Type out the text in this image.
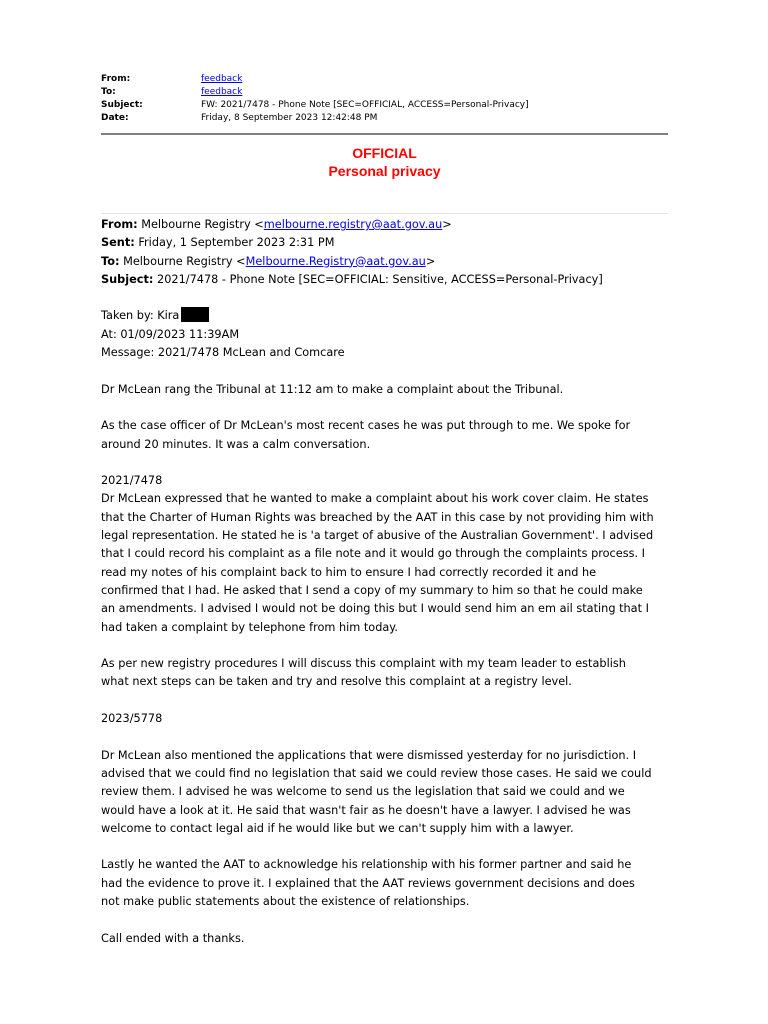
From:	feedback
To:	feedback
Subject:	FW: 2021/7478 - Phone Note [SEC=OFFICIAL, ACCESS=Personal-Privacy]
Date:	Friday, 8 September 2023 12:42:48 PM
OFFICIAL
Personal privacy

From: Melbourne Registry <melbourne.registry@aat.gov.au>

Sent: Friday, 1 September 2023 2:31 PM

To: Melbourne Registry <Melbourne.Registry@aat.gov.au>

Subject: 2021/7478 - Phone Note [SEC=OFFICIAL: Sensitive, ACCESS=Personal-Privacy]

Taken by: Kira

At: 01/09/2023 11:39AM

Message: 2021/7478 McLean and Comcare

Dr McLean rang the Tribunal at 11:12 am to make a complaint about the Tribunal.

As the case officer of Dr McLean's most recent cases he was put through to me. We spoke for

around 20 minutes. It was a calm conversation.

2021/7478

Dr McLean expressed that he wanted to make a complaint about his work cover claim. He states

that the Charter of Human Rights was breached by the AAT in this case by not providing him with

legal representation. He stated he is 'a target of abusive of the Australian Government'. I advised

that I could record his complaint as a file note and it would go through the complaints process. I

read my notes of his complaint back to him to ensure I had correctly recorded it and he

confirmed that I had. He asked that I send a copy of my summary to him so that he could make

an amendments. I advised I would not be doing this but I would send him an em ail stating that I

had taken a complaint by telephone from him today.

As per new registry procedures I will discuss this complaint with my team leader to establish

what next steps can be taken and try and resolve this complaint at a registry level.

2023/5778

Dr McLean also mentioned the applications that were dismissed yesterday for no jurisdiction. I

advised that we could find no legislation that said we could review those cases. He said we could

review them. I advised he was welcome to send us the legislation that said we could and we

would have a look at it. He said that wasn't fair as he doesn't have a lawyer. I advised he was

welcome to contact legal aid if he would like but we can't supply him with a lawyer.

Lastly he wanted the AAT to acknowledge his relationship with his former partner and said he

had the evidence to prove it. I explained that the AAT reviews government decisions and does

not make public statements about the existence of relationships.

Call ended with a thanks.
